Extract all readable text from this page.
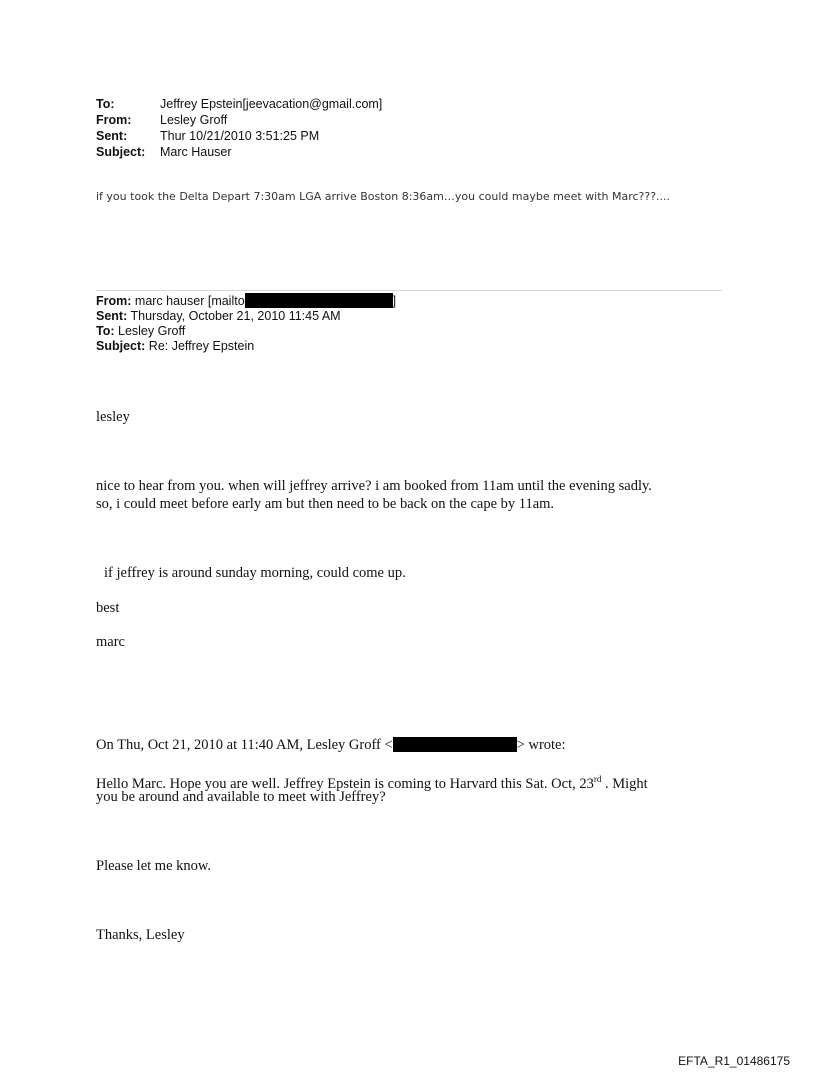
To:	Jeffrey Epstein[jeevacation@gmail.com]
From: Lesley Groff
Sent:	Thur 10/21/2010 3:51:25 PM
Subject: Marc Hauser
if you took the Delta Depart 7:30am LGA arrive Boston 8:36am…you could maybe meet with Marc???....
From: marc hauser [mailto	]
Sent: Thursday, October 21, 2010 11:45 AM
To: Lesley Groff
Subject: Re: Jeffrey Epstein
lesley
nice to hear from you. when will jeffrey arrive? i am booked from 11am until the evening sadly.
so, i could meet before early am but then need to be back on the cape by 11am.
if jeffrey is around sunday morning, could come up.
best
marc
On Thu, Oct 21, 2010 at 11:40 AM, Lesley Groff <	> wrote:
Hello Marc. Hope you are well. Jeffrey Epstein is coming to Harvard this Sat. Oct, 23rd . Might
you be around and available to meet with Jeffrey?
Please let me know.
Thanks, Lesley
EFTA_R1_01486175
